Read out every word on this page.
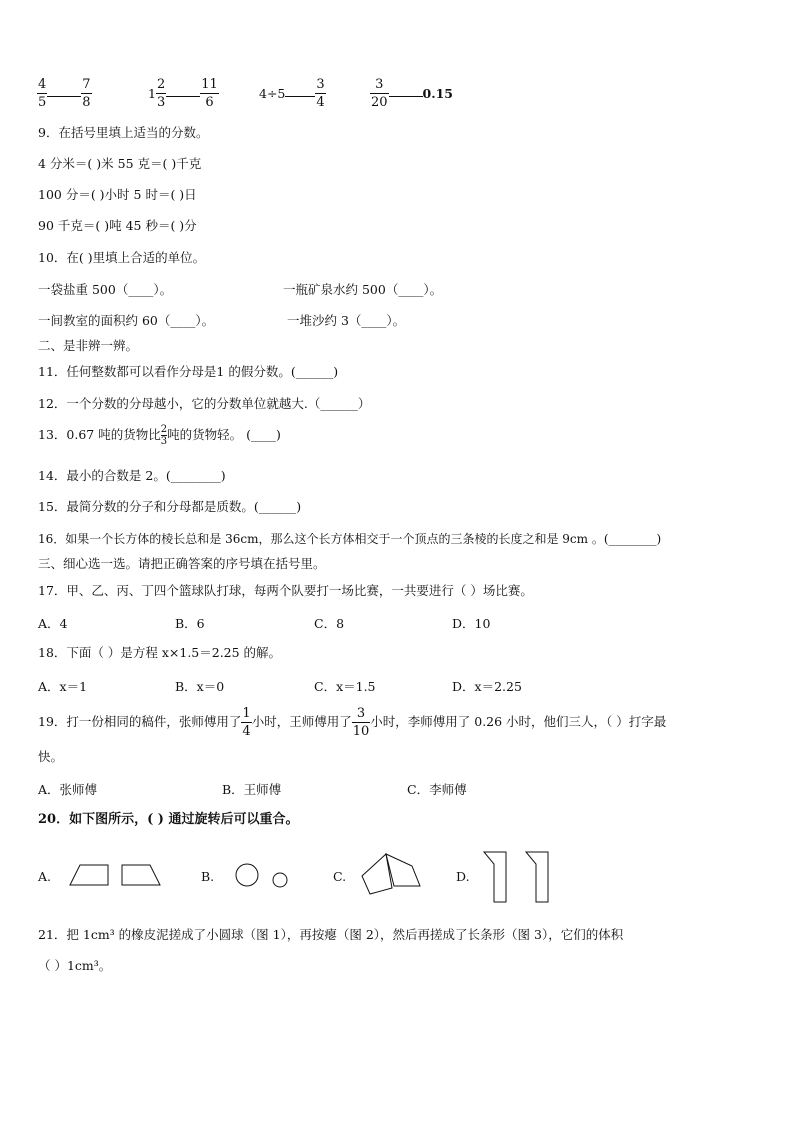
$\frac{4}{5}$	$\frac{7}{8}$	$1 \frac{2}{3}$	$\frac{11}{6}$	$4\div 5 \frac{3}{4}$	$\frac{3}{20}$	0.15
9．在括号里填上适当的分数。
4 分米＝( )米 55 克＝( )千克
100 分＝( )小时 5 时＝( )日
90 千克＝( )吨 45 秒＝( )分
10．在( )里填上合适的单位。
一袋盐重 500（____）。	一瓶矿泉水约 500（____）。
一间教室的面积约 60（____）。	一堆沙约 3（____）。
二、是非辨一辨。
11．任何整数都可以看作分母是1 的假分数。(______)
12．一个分数的分母越小，它的分数单位就越大.（______）
13．0.67 吨的货物比 $\frac{2}{3}$ 吨的货物轻。 (____)
14．最小的合数是 2。(________)
15．最简分数的分子和分母都是质数。(______)
16．如果一个长方体的棱长总和是 36cm，那么这个长方体相交于一个顶点的三条棱的长度之和是 9cm 。(________)
三、细心选一选。请把正确答案的序号填在括号里。
17．甲、乙、丙、丁四个篮球队打球，每两个队要打一场比赛，一共要进行（ ）场比赛。
A．4	B．6	C．8	D．10
18．下面（ ）是方程 x×1.5＝2.25 的解。
A．x＝1	B．x＝0	C．x＝1.5	D．x＝2.25
19．打一份相同的稿件，张师傅用了 $\frac{1}{4}$ 小时，王师傅用了 $\frac{3}{10}$ 小时，李师傅用了 0.26 小时，他们三人，（ ）打字最
快。
A．张师傅	B．王师傅	C．李师傅
20．如下图所示，( ) 通过旋转后可以重合。
A.	B.	C.	D.
21．把 1cm³ 的橡皮泥搓成了小圆球（图 1），再按瘪（图 2），然后再搓成了长条形（图 3），它们的体积
（ ）1cm³。
